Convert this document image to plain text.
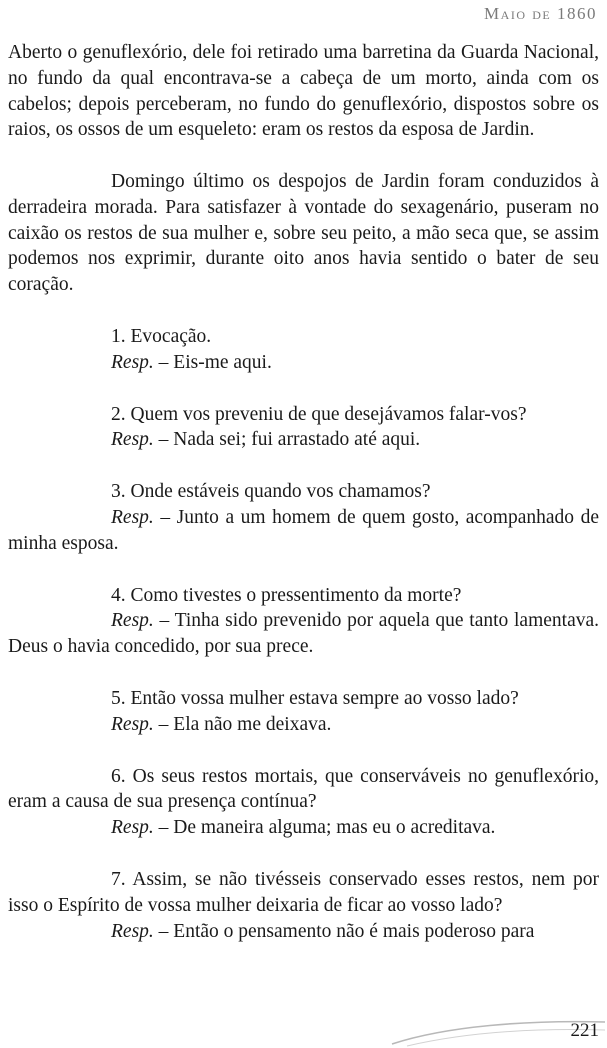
Maio de 1860

Aberto o genuflexório, dele foi retirado uma barretina da Guarda Nacional, no fundo da qual encontrava-se a cabeça de um morto, ainda com os cabelos; depois perceberam, no fundo do genuflexório, dispostos sobre os raios, os ossos de um esqueleto: eram os restos da esposa de Jardin.

Domingo último os despojos de Jardin foram conduzidos à derradeira morada. Para satisfazer à vontade do sexagenário, puseram no caixão os restos de sua mulher e, sobre seu peito, a mão seca que, se assim podemos nos exprimir, durante oito anos havia sentido o bater de seu coração.

1. Evocação.

Resp. – Eis-me aqui.

2. Quem vos preveniu de que desejávamos falar-vos?

Resp. – Nada sei; fui arrastado até aqui.

3. Onde estáveis quando vos chamamos?

Resp. – Junto a um homem de quem gosto, acompanhado de minha esposa.

4. Como tivestes o pressentimento da morte?

Resp. – Tinha sido prevenido por aquela que tanto lamentava. Deus o havia concedido, por sua prece.

5. Então vossa mulher estava sempre ao vosso lado?

Resp. – Ela não me deixava.

6. Os seus restos mortais, que conserváveis no genuflexório, eram a causa de sua presença contínua?

Resp. – De maneira alguma; mas eu o acreditava.

7. Assim, se não tivésseis conservado esses restos, nem por isso o Espírito de vossa mulher deixaria de ficar ao vosso lado?

Resp. – Então o pensamento não é mais poderoso para

221
